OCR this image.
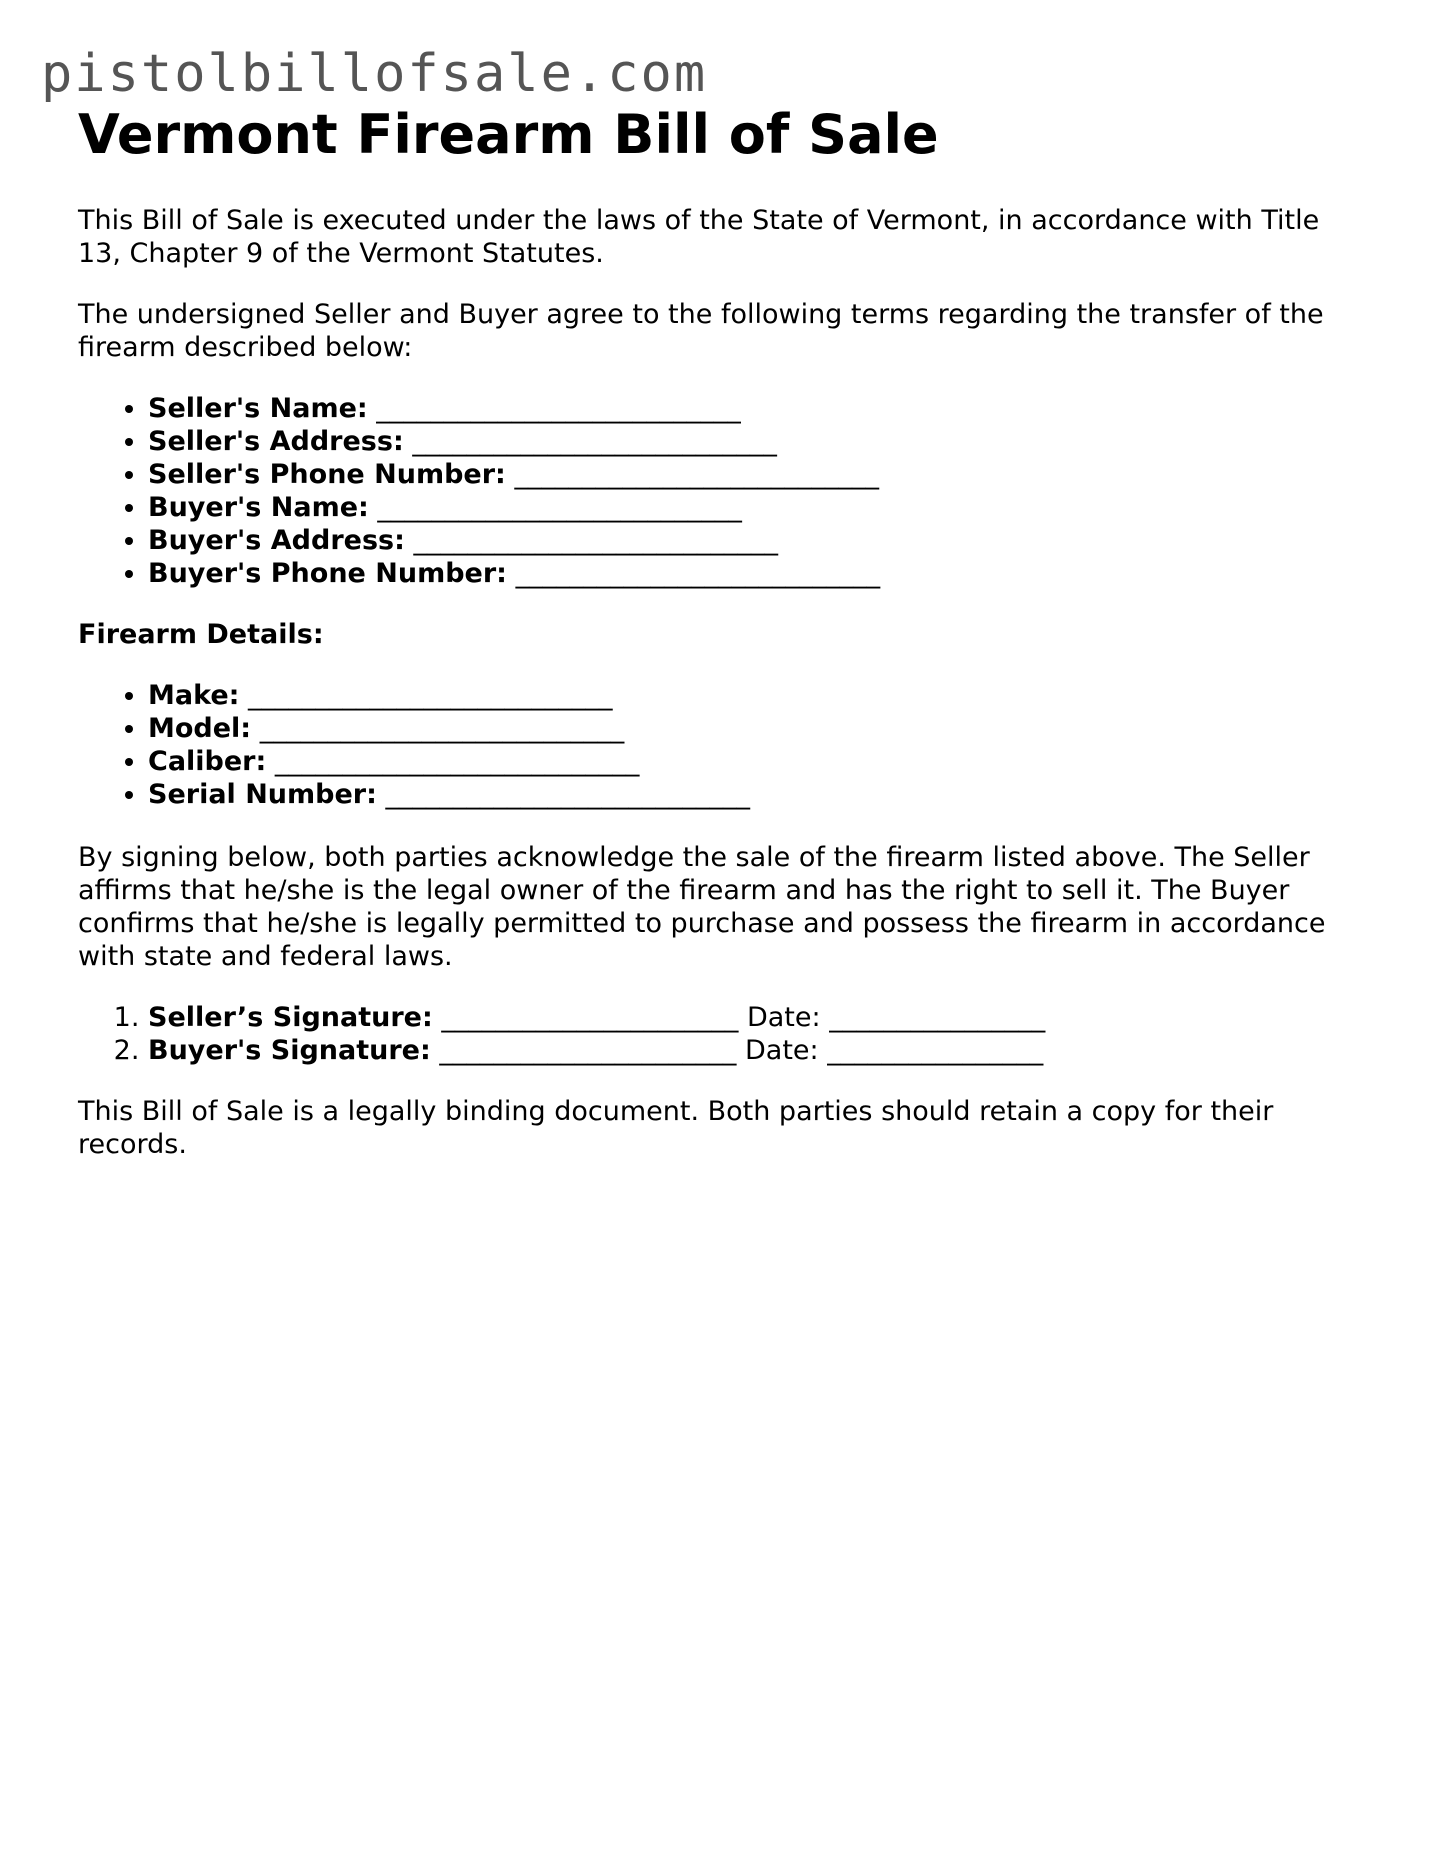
pistolbillofsale.com
Vermont Firearm Bill of Sale

This Bill of Sale is executed under the laws of the State of Vermont, in accordance with Title 13, Chapter 9 of the Vermont Statutes.

The undersigned Seller and Buyer agree to the following terms regarding the transfer of the firearm described below:

• Seller's Name: ___________________________
• Seller's Address: ___________________________
• Seller's Phone Number: ___________________________
• Buyer's Name: ___________________________
• Buyer's Address: ___________________________
• Buyer's Phone Number: ___________________________
Firearm Details:
• Make: ___________________________
• Model: ___________________________
• Caliber: ___________________________
• Serial Number: ___________________________

By signing below, both parties acknowledge the sale of the firearm listed above. The Seller affirms that he/she is the legal owner of the firearm and has the right to sell it. The Buyer confirms that he/she is legally permitted to purchase and possess the firearm in accordance with state and federal laws.

1. Seller’s Signature: ______________________ Date: ________________
2. Buyer's Signature: ______________________ Date: ________________

This Bill of Sale is a legally binding document. Both parties should retain a copy for their records.
